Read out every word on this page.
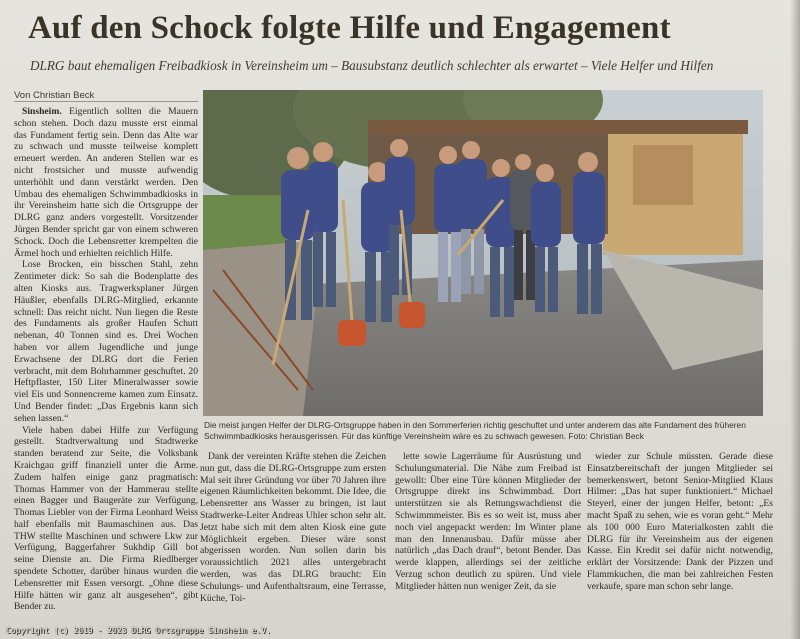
Auf den Schock folgte Hilfe und Engagement
DLRG baut ehemaligen Freibadkiosk in Vereinsheim um – Bausubstanz deutlich schlechter als erwartet – Viele Helfer und Hilfen
Von Christian Beck

Sinsheim. Eigentlich sollten die Mauern schon stehen. Doch dazu musste erst einmal das Fundament fertig sein. Denn das Alte war zu schwach und musste teilweise komplett erneuert werden. An anderen Stellen war es nicht frostsicher und musste aufwendig unterhöhlt und dann verstärkt werden. Den Umbau des ehemaligen Schwimmbadkiosks in ihr Vereinsheim hatte sich die Ortsgruppe der DLRG ganz anders vorgestellt. Vorsitzender Jürgen Bender spricht gar von einem schweren Schock. Doch die Lebensretter krempelten die Ärmel hoch und erhielten reichlich Hilfe.

Lose Brocken, ein bisschen Stahl, zehn Zentimeter dick: So sah die Bodenplatte des alten Kiosks aus. Tragwerksplaner Jürgen Häußler, ebenfalls DLRG-Mitglied, erkannte schnell: Das reicht nicht. Nun liegen die Reste des Fundaments als großer Haufen Schutt nebenan, 40 Tonnen sind es. Drei Wochen haben vor allem Jugendliche und junge Erwachsene der DLRG dort die Ferien verbracht, mit dem Bohrhammer geschuftet. 20 Heftpflaster, 150 Liter Mineralwasser sowie viel Eis und Sonnencreme kamen zum Einsatz. Und Bender findet: „Das Ergebnis kann sich sehen lassen.“

Viele haben dabei Hilfe zur Verfügung gestellt. Stadtverwaltung und Stadtwerke standen beratend zur Seite, die Volksbank Kraichgau griff finanziell unter die Arme. Zudem halfen einige ganz pragmatisch: Thomas Hammer von der Hammerau stellte einen Bagger und Baugeräte zur Verfügung, Thomas Liebler von der Firma Leonhard Weiss half ebenfalls mit Baumaschinen aus. Das THW stellte Maschinen und schwere Lkw zur Verfügung, Baggerfahrer Sukhdip Gill bot seine Dienste an. Die Firma Riedlberger spendete Schotter, darüber hinaus wurden die Lebensretter mit Essen versorgt. „Ohne diese Hilfe hätten wir ganz alt ausgesehen“, gibt Bender zu.

Die meist jungen Helfer der DLRG-Ortsgruppe haben in den Sommerferien richtig geschuftet und unter anderem das alte Fundament des früheren Schwimmbadkiosks herausgerissen. Für das künftige Vereinsheim wäre es zu schwach gewesen. Foto: Christian Beck

Dank der vereinten Kräfte stehen die Zeichen nun gut, dass die DLRG-Ortsgruppe zum ersten Mal seit ihrer Gründung vor über 70 Jahren ihre eigenen Räumlichkeiten bekommt. Die Idee, die Lebensretter ans Wasser zu bringen, ist laut Stadtwerke-Leiter Andreas Uhler schon sehr alt. Jetzt habe sich mit dem alten Kiosk eine gute Möglichkeit ergeben. Dieser wäre sonst abgerissen worden. Nun sollen darin bis voraussichtlich 2021 alles untergebracht werden, was das DLRG braucht: Ein Schulungs- und Aufenthaltsraum, eine Terrasse, Küche, Toi-

lette sowie Lagerräume für Ausrüstung und Schulungsmaterial. Die Nähe zum Freibad ist gewollt: Über eine Türe können Mitglieder der Ortsgruppe direkt ins Schwimmbad. Dort unterstützen sie als Rettungswachdienst die Schwimmmeister. Bis es so weit ist, muss aber noch viel angepackt werden: Im Winter plane man den Innenausbau. Dafür müsse aber natürlich „das Dach drauf“, betont Bender. Das werde klappen, allerdings sei der zeitliche Verzug schon deutlich zu spüren. Und viele Mitglieder hätten nun weniger Zeit, da sie

wieder zur Schule müssten. Gerade diese Einsatzbereitschaft der jungen Mitglieder sei bemerkenswert, betont Senior-Mitglied Klaus Hilmer: „Das hat super funktioniert.“ Michael Steyerl, einer der jungen Helfer, betont: „Es macht Spaß zu sehen, wie es voran geht.“ Mehr als 100 000 Euro Materialkosten zahlt die DLRG für ihr Vereinsheim aus der eigenen Kasse. Ein Kredit sei dafür nicht notwendig, erklärt der Vorsitzende: Dank der Pizzen und Flammkuchen, die man bei zahlreichen Festen verkaufe, spare man schon sehr lange.

Copyright (c) 2019 - 2023 DLRG Ortsgruppe Sinsheim e.V.
